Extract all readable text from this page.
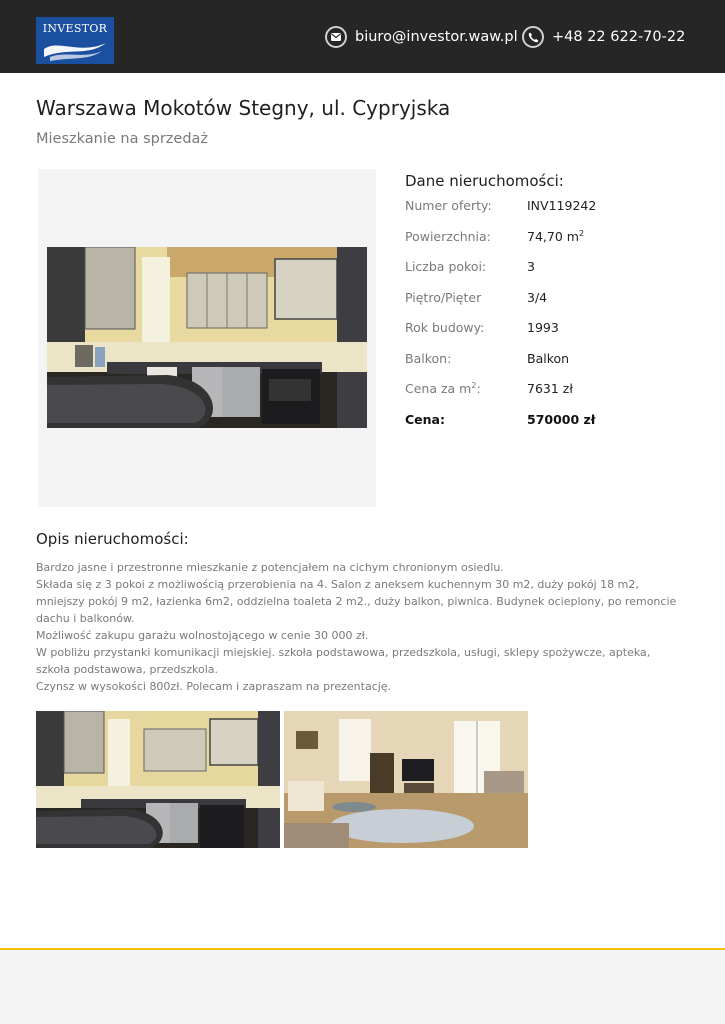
INVESTOR
biuro@investor.waw.pl +48 22 622-70-22
Warszawa Mokotów Stegny, ul. Cypryjska
Mieszkanie na sprzedaż
Dane nieruchomości:
Numer oferty:	INV119242
Powierzchnia:	74,70 $m^2$
Liczba pokoi:	3
Piętro/Pięter	3/4
Rok budowy:	1993
Balkon:	Balkon
Cena za $m^2$:	7631 zł
Cena:	570000 zł
Opis nieruchomości:

Bardzo jasne i przestronne mieszkanie z potencjałem na cichym chronionym osiedlu.

Składa się z 3 pokoi z możliwością przerobienia na 4. Salon z aneksem kuchennym 30 m2, duży pokój 18 m2, mniejszy pokój 9 m2, łazienka 6m2, oddzielna toaleta 2 m2., duży balkon, piwnica. Budynek ocieplony, po remoncie dachu i balkonów.

Możliwość zakupu garażu wolnostojącego w cenie 30 000 zł.

W pobliżu przystanki komunikacji miejskiej. szkoła podstawowa, przedszkola, usługi, sklepy spożywcze, apteka, szkoła podstawowa, przedszkola.

Czynsz w wysokości 800zł. Polecam i zapraszam na prezentację.
